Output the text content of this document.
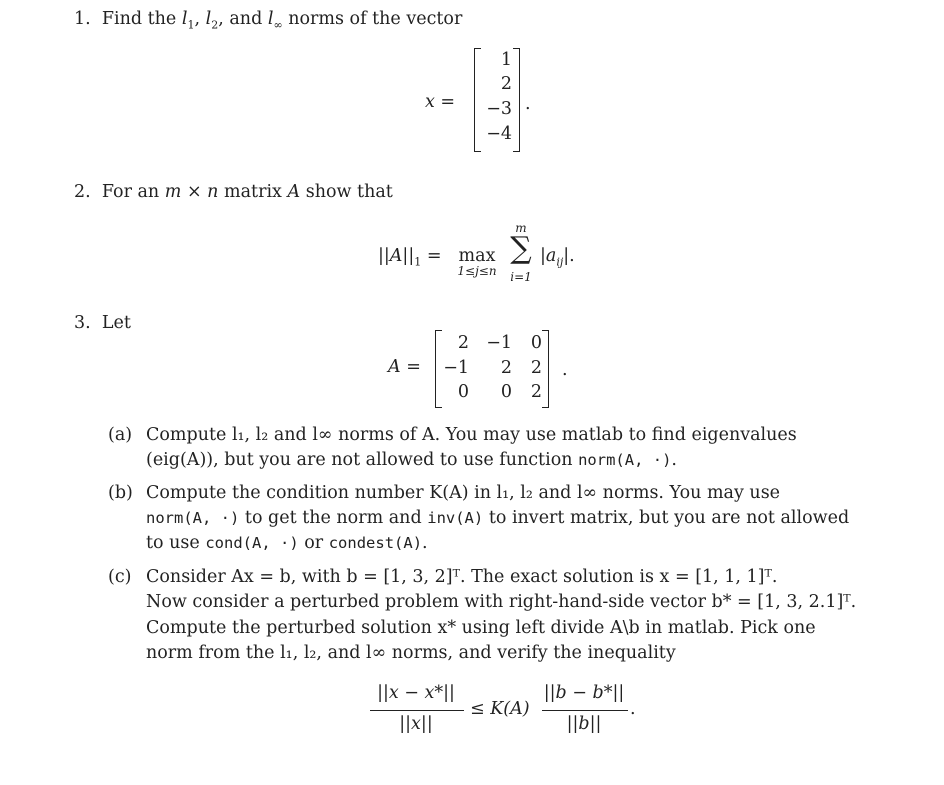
1. Find the $l_1$, $l_2$, and $l_\infty$ norms of the vector
x =
1
2
−3
−4
.
2. For an m × n matrix A show that
$||A||_1 = \max$
1≤j≤n
m
∑
i=1
$|a_{ij}|$.
3. Let
A =
2 −1	0
−1	2	2
0	0	2
.
(a) Compute l₁, l₂ and l∞ norms of A. You may use matlab to find eigenvalues
(eig(A)), but you are not allowed to use function norm(A, ·).
(b) Compute the condition number K(A) in l₁, l₂ and l∞ norms. You may use
norm(A, ·) to get the norm and inv(A) to invert matrix, but you are not allowed
to use cond(A, ·) or condest(A).
(c) Consider Ax = b, with b = [1, 3, 2]ᵀ. The exact solution is x = [1, 1, 1]ᵀ.
Now consider a perturbed problem with right-hand-side vector b* = [1, 3, 2.1]ᵀ.
Compute the perturbed solution x* using left divide A\b in matlab. Pick one
norm from the l₁, l₂, and l∞ norms, and verify the inequality
||x − x*||
||x||
≤ K(A)
||b − b*||
||b||
.
